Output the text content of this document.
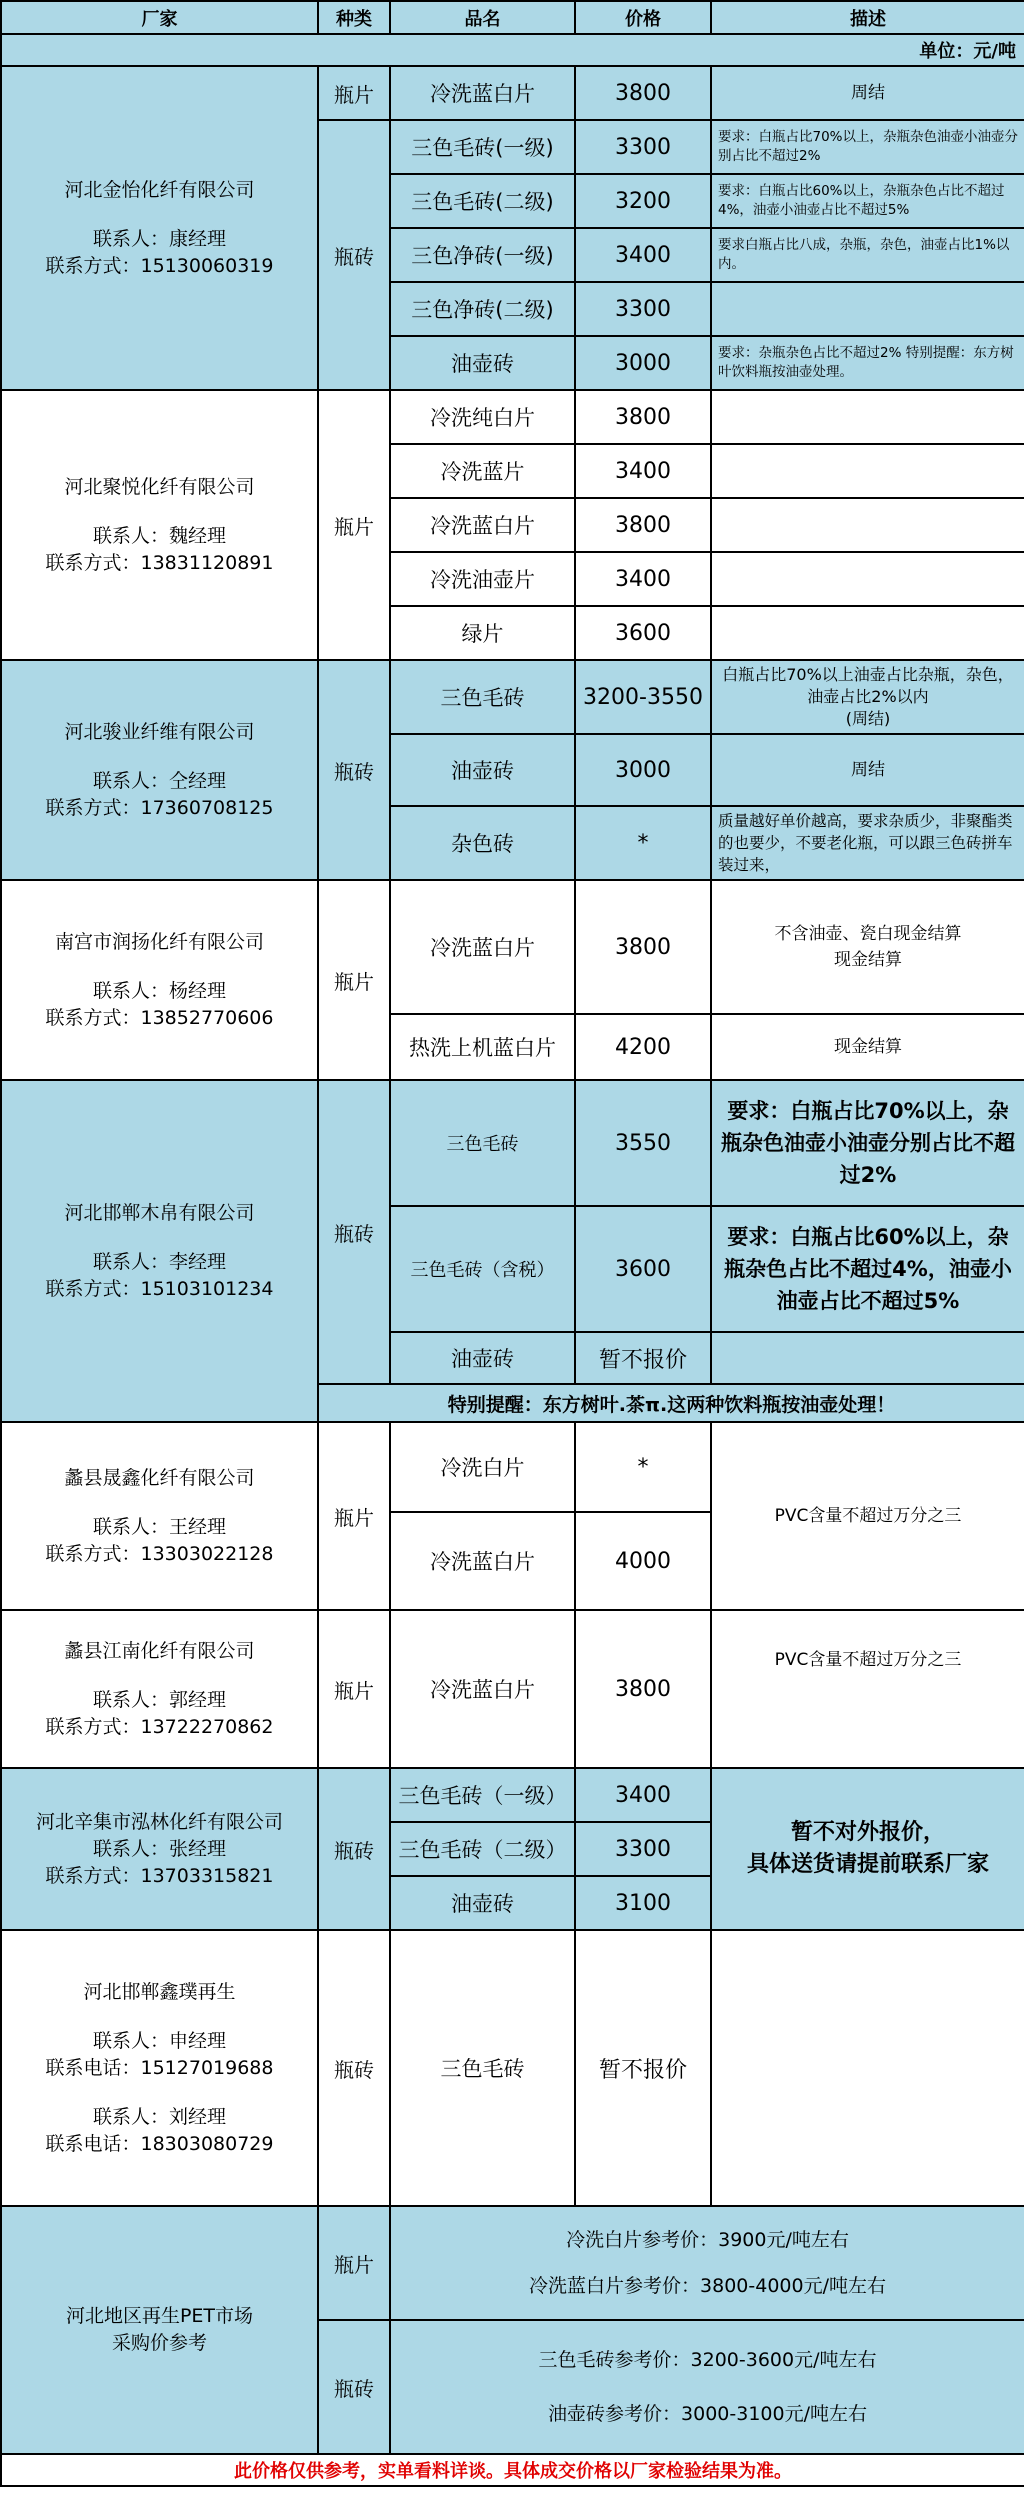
厂家	种类	品名	价格	描述
单位：元/吨				

河北金怡化纤有限公司
联系人：康经理
联系方式：15130060319	瓶片	冷洗蓝白片	3800	周结
	瓶砖	三色毛砖(一级)	3300	要求：白瓶占比70%以上，杂瓶杂色油壶小油壶分别占比不超过2%
		三色毛砖(二级)	3200	要求：白瓶占比60%以上，杂瓶杂色占比不超过4%，油壶小油壶占比不超过5%
		三色净砖(一级)	3400	要求白瓶占比八成，杂瓶，杂色，油壶占比1%以内。
		三色净砖(二级)	3300	
		油壶砖	3000	要求：杂瓶杂色占比不超过2% 特别提醒：东方树叶饮料瓶按油壶处理。

河北聚悦化纤有限公司
联系人：魏经理
联系方式：13831120891	瓶片	冷洗纯白片	3800	
		冷洗蓝片	3400	
		冷洗蓝白片	3800	
		冷洗油壶片	3400	
		绿片	3600	

河北骏业纤维有限公司
联系人：仝经理
联系方式：17360708125	瓶砖	三色毛砖	3200-3550	白瓶占比70%以上油壶占比杂瓶，杂色，油壶占比2%以内
(周结)

		油壶砖	3000	周结
		杂色砖	*	质量越好单价越高，要求杂质少，非聚酯类的也要少，不要老化瓶，可以跟三色砖拼车装过来，

南宫市润扬化纤有限公司
联系人：杨经理
联系方式：13852770606	瓶片	冷洗蓝白片	3800	不含油壶、瓷白现金结算
现金结算

		热洗上机蓝白片	4200	现金结算

河北邯郸木帛有限公司
联系人：李经理
联系方式：15103101234	瓶砖	三色毛砖	3550	要求：白瓶占比70%以上，杂瓶杂色油壶小油壶分别占比不超过2%
		三色毛砖（含税）	3600	要求：白瓶占比60%以上，杂瓶杂色占比不超过4%，油壶小油壶占比不超过5%
		油壶砖	暂不报价	
	特别提醒：东方树叶.茶π.这两种饮料瓶按油壶处理！			

蠡县晟鑫化纤有限公司
联系人：王经理
联系方式：13303022128	瓶片	冷洗白片	*	PVC含量不超过万分之三
		冷洗蓝白片	4000	

蠡县江南化纤有限公司
联系人：郭经理
联系方式：13722270862	瓶片	冷洗蓝白片	3800	PVC含量不超过万分之三

河北辛集市泓林化纤有限公司
联系人：张经理
联系方式：13703315821	瓶砖	三色毛砖（一级）	3400	暂不对外报价，
具体送货请提前联系厂家

		三色毛砖（二级）	3300	
		油壶砖	3100	

河北邯郸鑫璞再生
联系人：申经理
联系电话：15127019688
联系人：刘经理
联系电话：18303080729	瓶砖	三色毛砖	暂不报价	

河北地区再生PET市场
采购价参考	瓶片	冷洗白片参考价：3900元/吨左右
冷洗蓝白片参考价：3800-4000元/吨左右		

	瓶砖	三色毛砖参考价：3200-3600元/吨左右
油壶砖参考价：3000-3100元/吨左右		

此价格仅供参考，实单看料详谈。具体成交价格以厂家检验结果为准。				
